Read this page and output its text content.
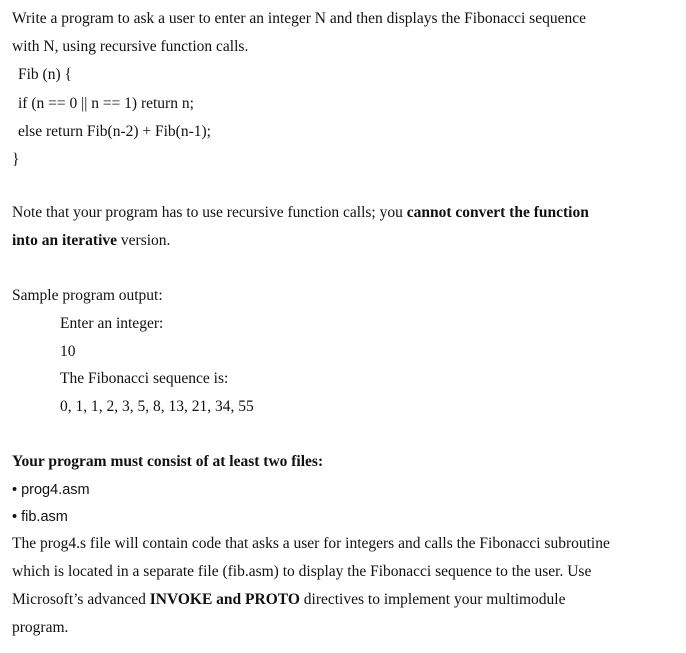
Write a program to ask a user to enter an integer N and then displays the Fibonacci sequence
with N, using recursive function calls.
Fib (n) {
if (n == 0 || n == 1) return n;
else return Fib(n-2) + Fib(n-1);
}
Note that your program has to use recursive function calls; you cannot convert the function
into an iterative version.
Sample program output:
Enter an integer:
10
The Fibonacci sequence is:
0, 1, 1, 2, 3, 5, 8, 13, 21, 34, 55
Your program must consist of at least two files:
• prog4.asm
• fib.asm
The prog4.s file will contain code that asks a user for integers and calls the Fibonacci subroutine
which is located in a separate file (fib.asm) to display the Fibonacci sequence to the user. Use
Microsoft’s advanced INVOKE and PROTO directives to implement your multimodule
program.
